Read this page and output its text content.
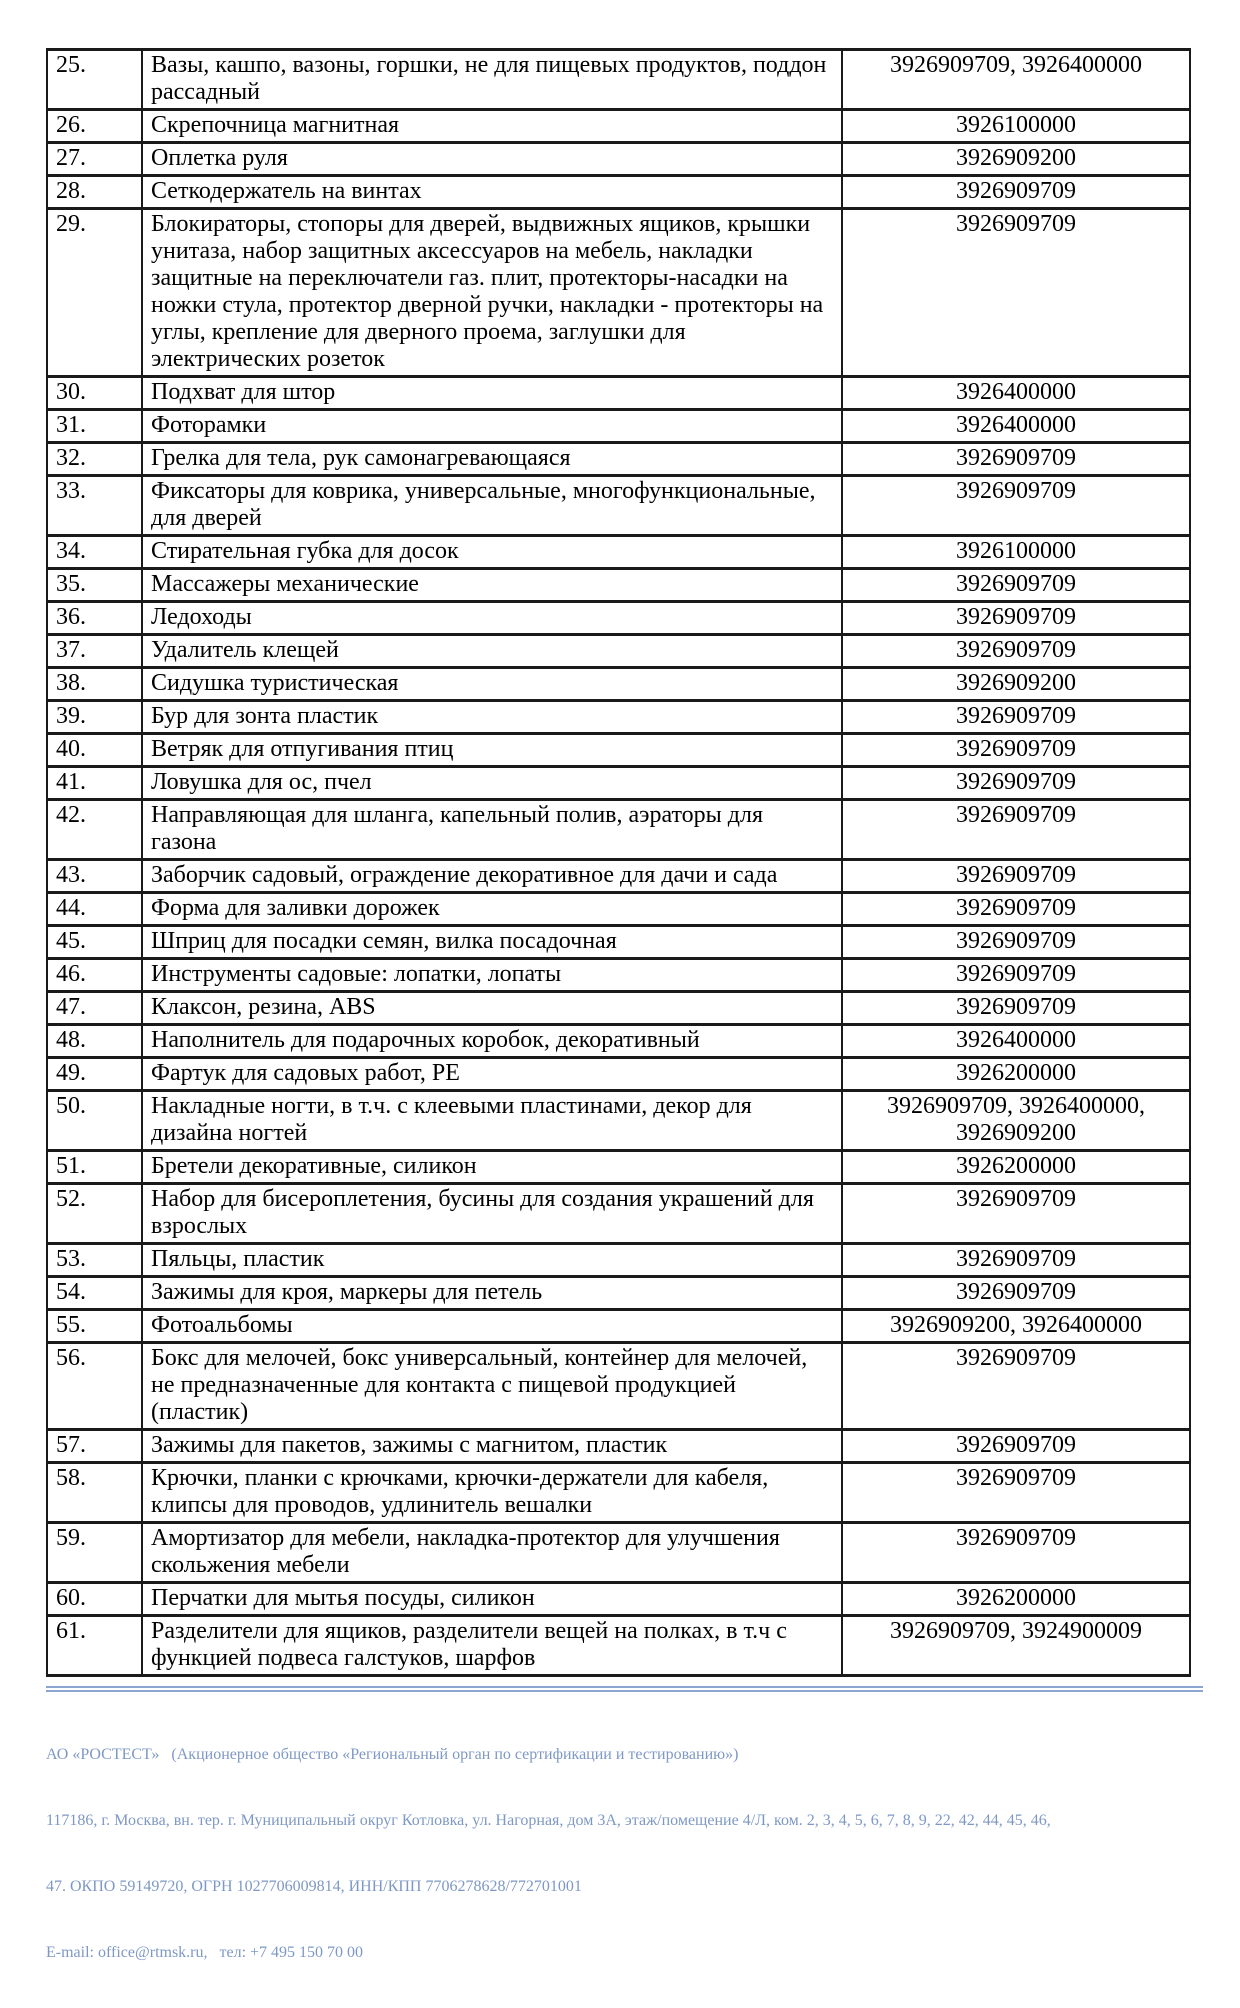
25.	Вазы, кашпо, вазоны, горшки, не для пищевых продуктов, поддон рассадный	3926909709, 3926400000
26.	Скрепочница магнитная	3926100000
27.	Оплетка руля	3926909200
28.	Сеткодержатель на винтах	3926909709
29.	Блокираторы, стопоры для дверей, выдвижных ящиков, крышки унитаза, набор защитных аксессуаров на мебель, накладки защитные на переключатели газ. плит, протекторы-насадки на ножки стула, протектор дверной ручки, накладки - протекторы на углы, крепление для дверного проема, заглушки для электрических розеток	3926909709
30.	Подхват для штор	3926400000
31.	Фоторамки	3926400000
32.	Грелка для тела, рук самонагревающаяся	3926909709
33.	Фиксаторы для коврика, универсальные, многофункциональные, для дверей	3926909709
34.	Стирательная губка для досок	3926100000
35.	Массажеры механические	3926909709
36.	Ледоходы	3926909709
37.	Удалитель клещей	3926909709
38.	Сидушка туристическая	3926909200
39.	Бур для зонта пластик	3926909709
40.	Ветряк для отпугивания птиц	3926909709
41.	Ловушка для ос, пчел	3926909709
42.	Направляющая для шланга, капельный полив, аэраторы для газона	3926909709
43.	Заборчик садовый, ограждение декоративное для дачи и сада	3926909709
44.	Форма для заливки дорожек	3926909709
45.	Шприц для посадки семян, вилка посадочная	3926909709
46.	Инструменты садовые: лопатки, лопаты	3926909709
47.	Клаксон, резина, ABS	3926909709
48.	Наполнитель для подарочных коробок, декоративный	3926400000
49.	Фартук для садовых работ, PE	3926200000
50.	Накладные ногти, в т.ч. с клеевыми пластинами, декор для дизайна ногтей	3926909709, 3926400000, 3926909200
51.	Бретели декоративные, силикон	3926200000
52.	Набор для бисероплетения, бусины для создания украшений для взрослых	3926909709
53.	Пяльцы, пластик	3926909709
54.	Зажимы для кроя, маркеры для петель	3926909709
55.	Фотоальбомы	3926909200, 3926400000
56.	Бокс для мелочей, бокс универсальный, контейнер для мелочей, не предназначенные для контакта с пищевой продукцией (пластик)	3926909709
57.	Зажимы для пакетов, зажимы с магнитом, пластик	3926909709
58.	Крючки, планки с крючками, крючки-держатели для кабеля, клипсы для проводов, удлинитель вешалки	3926909709
59.	Амортизатор для мебели, накладка-протектор для улучшения скольжения мебели	3926909709
60.	Перчатки для мытья посуды, силикон	3926200000
61.	Разделители для ящиков, разделители вещей на полках, в т.ч с функцией подвеса галстуков, шарфов	3926909709, 3924900009

АО «РОСТЕСТ»   (Акционерное общество «Региональный орган по сертификации и тестированию»)

117186, г. Москва, вн. тер. г. Муниципальный округ Котловка, ул. Нагорная, дом 3А, этаж/помещение 4/Л, ком. 2, 3, 4, 5, 6, 7, 8, 9, 22, 42, 44, 45, 46,

47. ОКПО 59149720, ОГРН 1027706009814, ИНН/КПП 7706278628/772701001

E-mail: office@rtmsk.ru,   тел: +7 495 150 70 00
